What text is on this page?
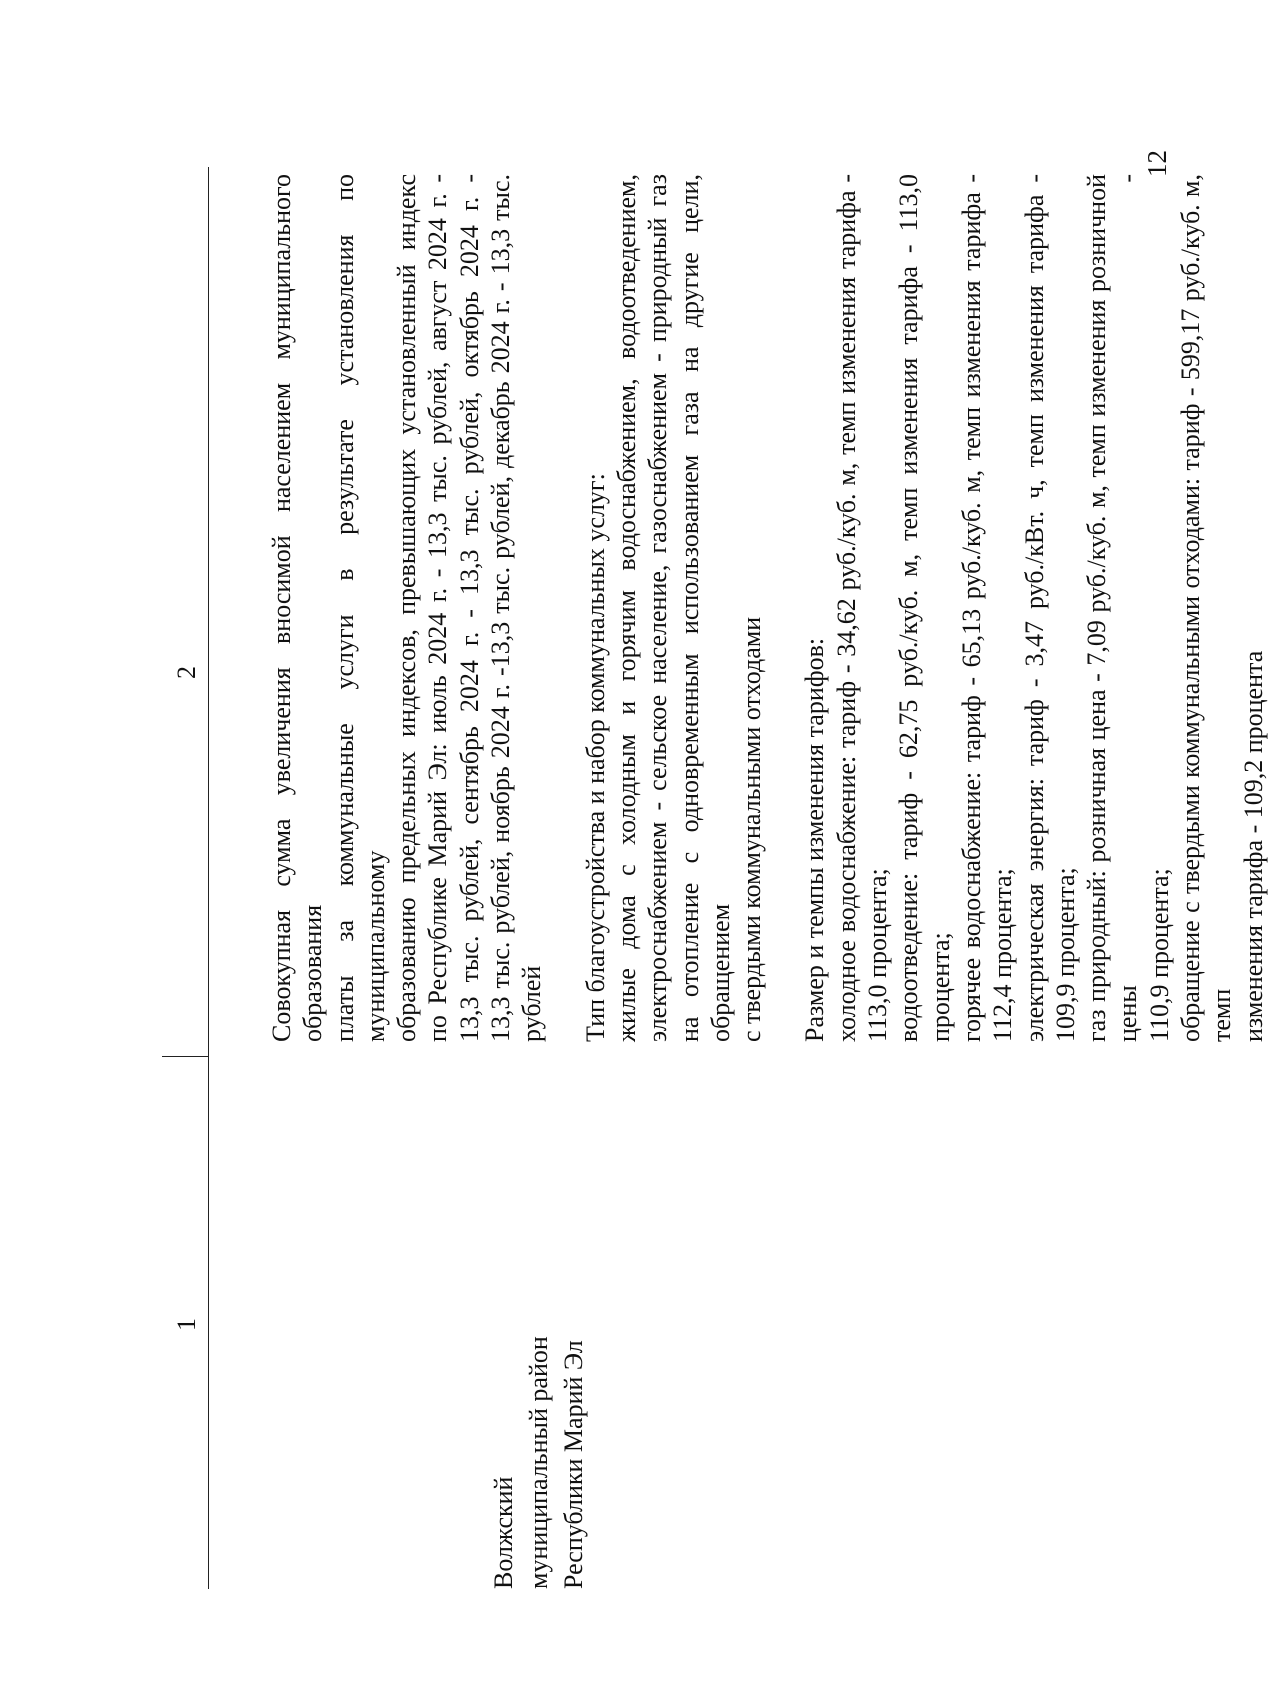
12
1
2
Волжский муниципальный район Республики Марий Эл
Совокупная сумма увеличения вносимой населением муниципального образования платы за коммунальные услуги в результате установления по муниципальному образованию предельных индексов, превышающих установленный индекс по Республике Марий Эл: июль 2024 г. - 13,3 тыс. рублей, август 2024 г. - 13,3 тыс. рублей, сентябрь 2024 г. - 13,3 тыс. рублей, октябрь 2024 г. - 13,3 тыс. рублей, ноябрь 2024 г. -13,3 тыс. рублей, декабрь 2024 г. - 13,3 тыс. рублей Тип благоустройства и набор коммунальных услуг: жилые дома с холодным и горячим водоснабжением, водоотведением, электроснабжением - сельское население, газоснабжением - природный газ на отопление с одновременным использованием газа на другие цели, обращением с твердыми коммунальными отходами Размер и темпы изменения тарифов: холодное водоснабжение: тариф - 34,62 руб./куб. м, темп изменения тарифа - 113,0 процента; водоотведение: тариф - 62,75 руб./куб. м, темп изменения тарифа - 113,0 процента; горячее водоснабжение: тариф - 65,13 руб./куб. м, темп изменения тарифа - 112,4 процента; электрическая энергия: тариф - 3,47 руб./кВт. ч, темп изменения тарифа - 109,9 процента; газ природный: розничная цена - 7,09 руб./куб. м, темп изменения розничной цены - 110,9 процента; обращение с твердыми коммунальными отходами: тариф - 599,17 руб./куб. м, темп изменения тарифа - 109,2 процента
